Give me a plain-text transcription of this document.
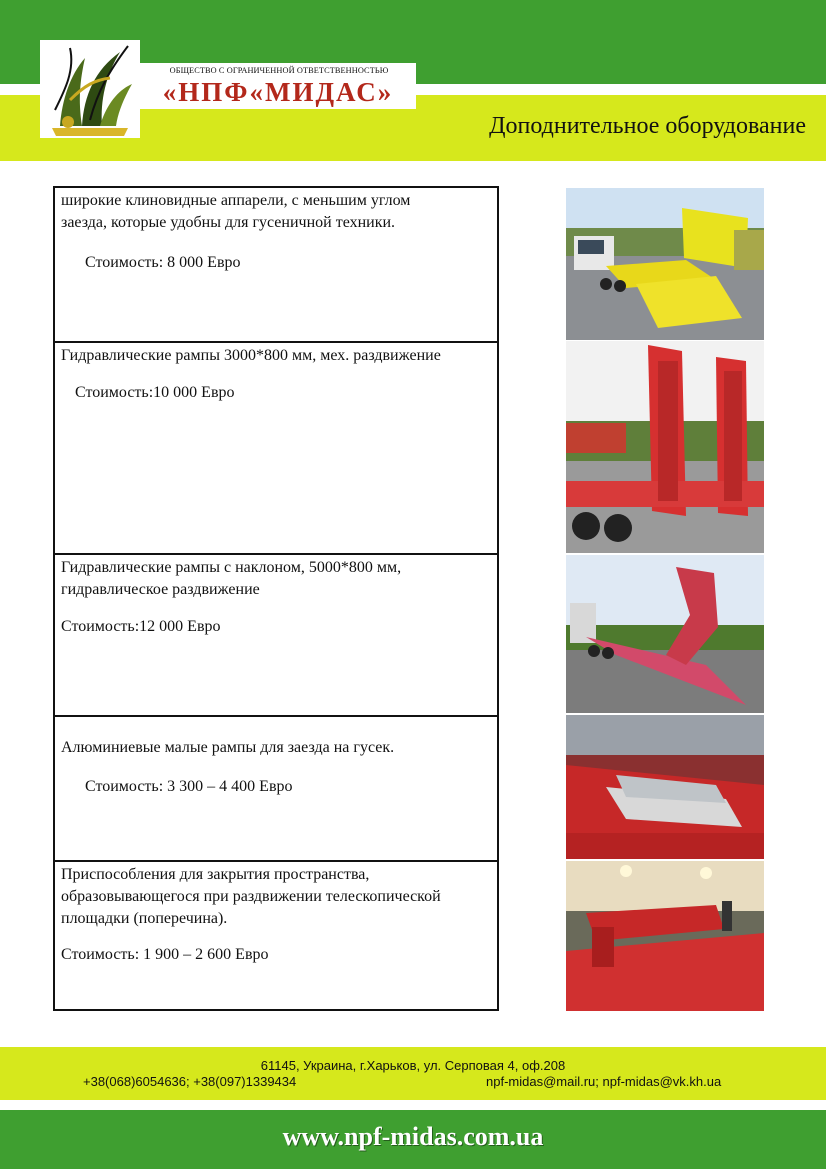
ОБЩЕСТВО С ОГРАНИЧЕННОЙ ОТВЕТСТВЕННОСТЬЮ
«НПФ«МИДАС»
Доподнительное оборудование
широкие клиновидные аппарели, с меньшим углом
заезда, которые удобны для гусеничной техники.
Стоимость: 8 000 Евро
Гидравлические рампы 3000*800 мм, мех. раздвижение
Стоимость:10 000 Евро
Гидравлические рампы с наклоном, 5000*800 мм,
гидравлическое раздвижение
Стоимость:12 000 Евро
Алюминиевые малые рампы для заезда на гусек.
Стоимость: 3 300 – 4 400 Евро
Приспособления для закрытия пространства,
образовывающегося при раздвижении телескопической
площадки (поперечина).
Стоимость: 1 900 – 2 600 Евро
61145, Украина, г.Харьков, ул. Серповая 4, оф.208
+38(068)6054636; +38(097)1339434	npf-midas@mail.ru; npf-midas@vk.kh.ua
www.npf-midas.com.ua
